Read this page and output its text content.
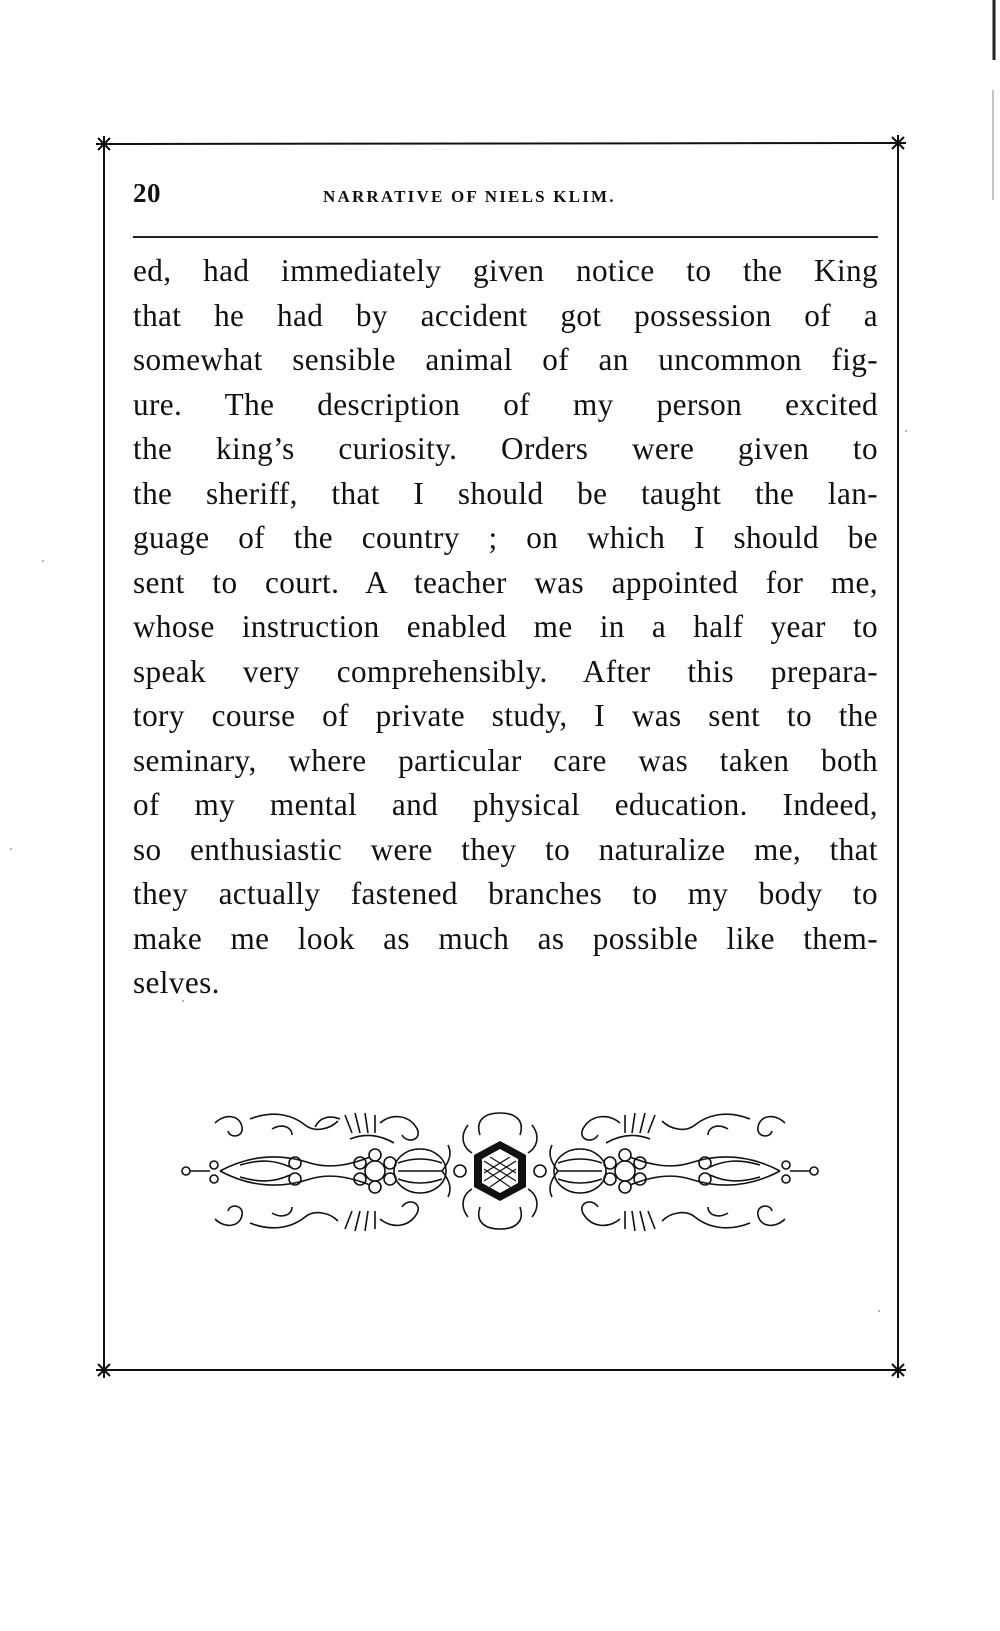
20	NARRATIVE OF NIELS KLIM.
ed, had immediately given notice to the King
that he had by accident got possession of a
somewhat sensible animal of an uncommon fig-
ure. The description of my person excited
the king’s curiosity. Orders were given to
the sheriff, that I should be taught the lan-
guage of the country ; on which I should be
sent to court. A teacher was appointed for me,
whose instruction enabled me in a half year to
speak very comprehensibly. After this prepara-
tory course of private study, I was sent to the
seminary, where particular care was taken both
of my mental and physical education. Indeed,
so enthusiastic were they to naturalize me, that
they actually fastened branches to my body to
make me look as much as possible like them-
selves.
